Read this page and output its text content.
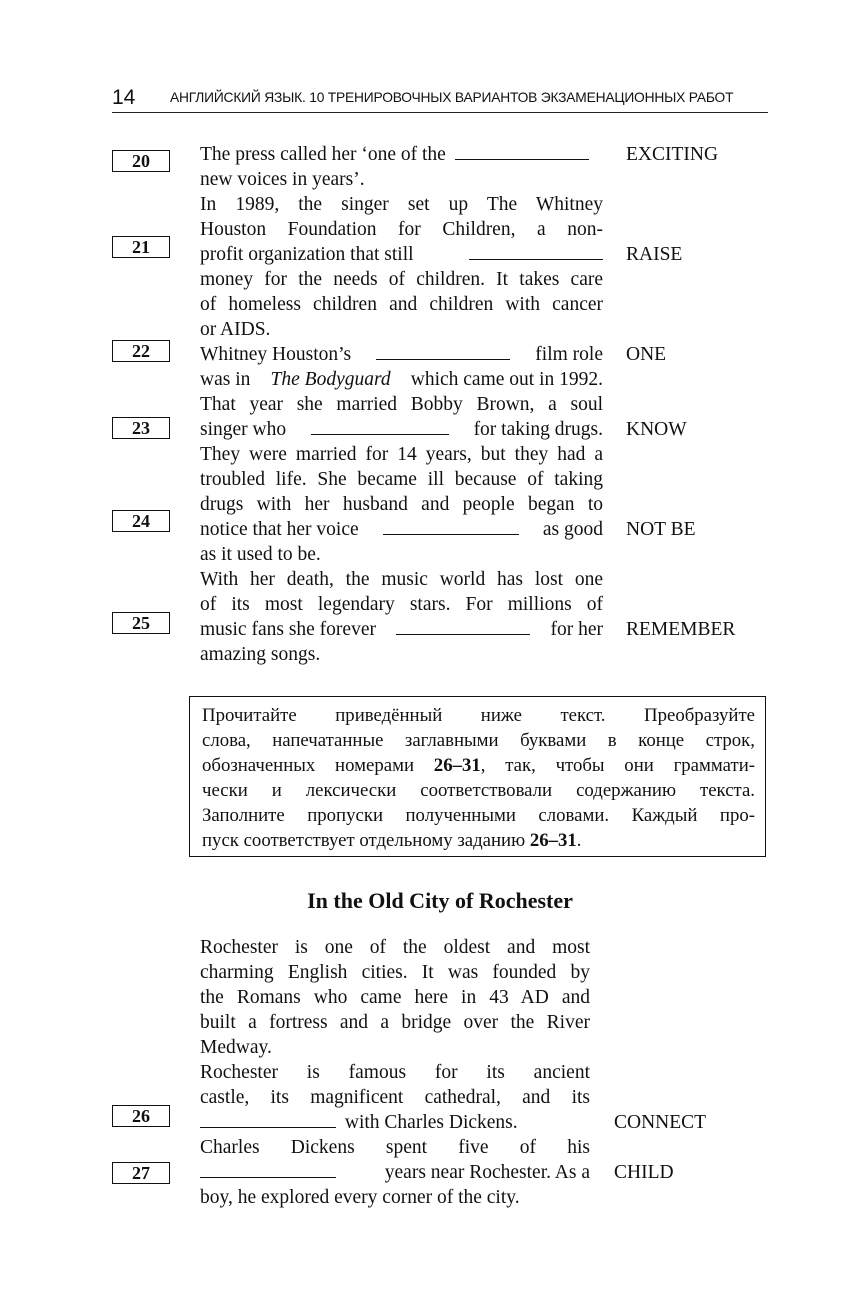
14	АНГЛИЙСКИЙ ЯЗЫК. 10 ТРЕНИРОВОЧНЫХ ВАРИАНТОВ ЭКЗАМЕНАЦИОННЫХ РАБОТ
20
21
22
23
24
25
26
27
EXCITING
RAISE
ONE
KNOW
NOT BE
REMEMBER
CONNECT
CHILD
The press called her ‘one of the
new voices in years’.
In 1989, the singer set up The Whitney
Houston Foundation for Children, a non-
profit organization that still
money for the needs of children. It takes care
of homeless children and children with cancer
or AIDS.
Whitney Houston’s	film role
was in The Bodyguard which came out in 1992.
That year she married Bobby Brown, a soul
singer who	for taking drugs.
They were married for 14 years, but they had a
troubled life. She became ill because of taking
drugs with her husband and people began to
notice that her voice	as good
as it used to be.
With her death, the music world has lost one
of its most legendary stars. For millions of
music fans she forever	for her
amazing songs.
Прочитайте приведённый ниже текст. Преобразуйте
слова, напечатанные заглавными буквами в конце строк,
обозначенных номерами 26–31, так, чтобы они граммати-
чески и лексически соответствовали содержанию текста.
Заполните пропуски полученными словами. Каждый про-
пуск соответствует отдельному заданию 26–31.
In the Old City of Rochester
Rochester is one of the oldest and most
charming English cities. It was founded by
the Romans who came here in 43 AD and
built a fortress and a bridge over the River
Medway.
Rochester is famous for its ancient
castle, its magnificent cathedral, and its
with Charles Dickens.
Charles Dickens spent five of his
years near Rochester. As a
boy, he explored every corner of the city.
